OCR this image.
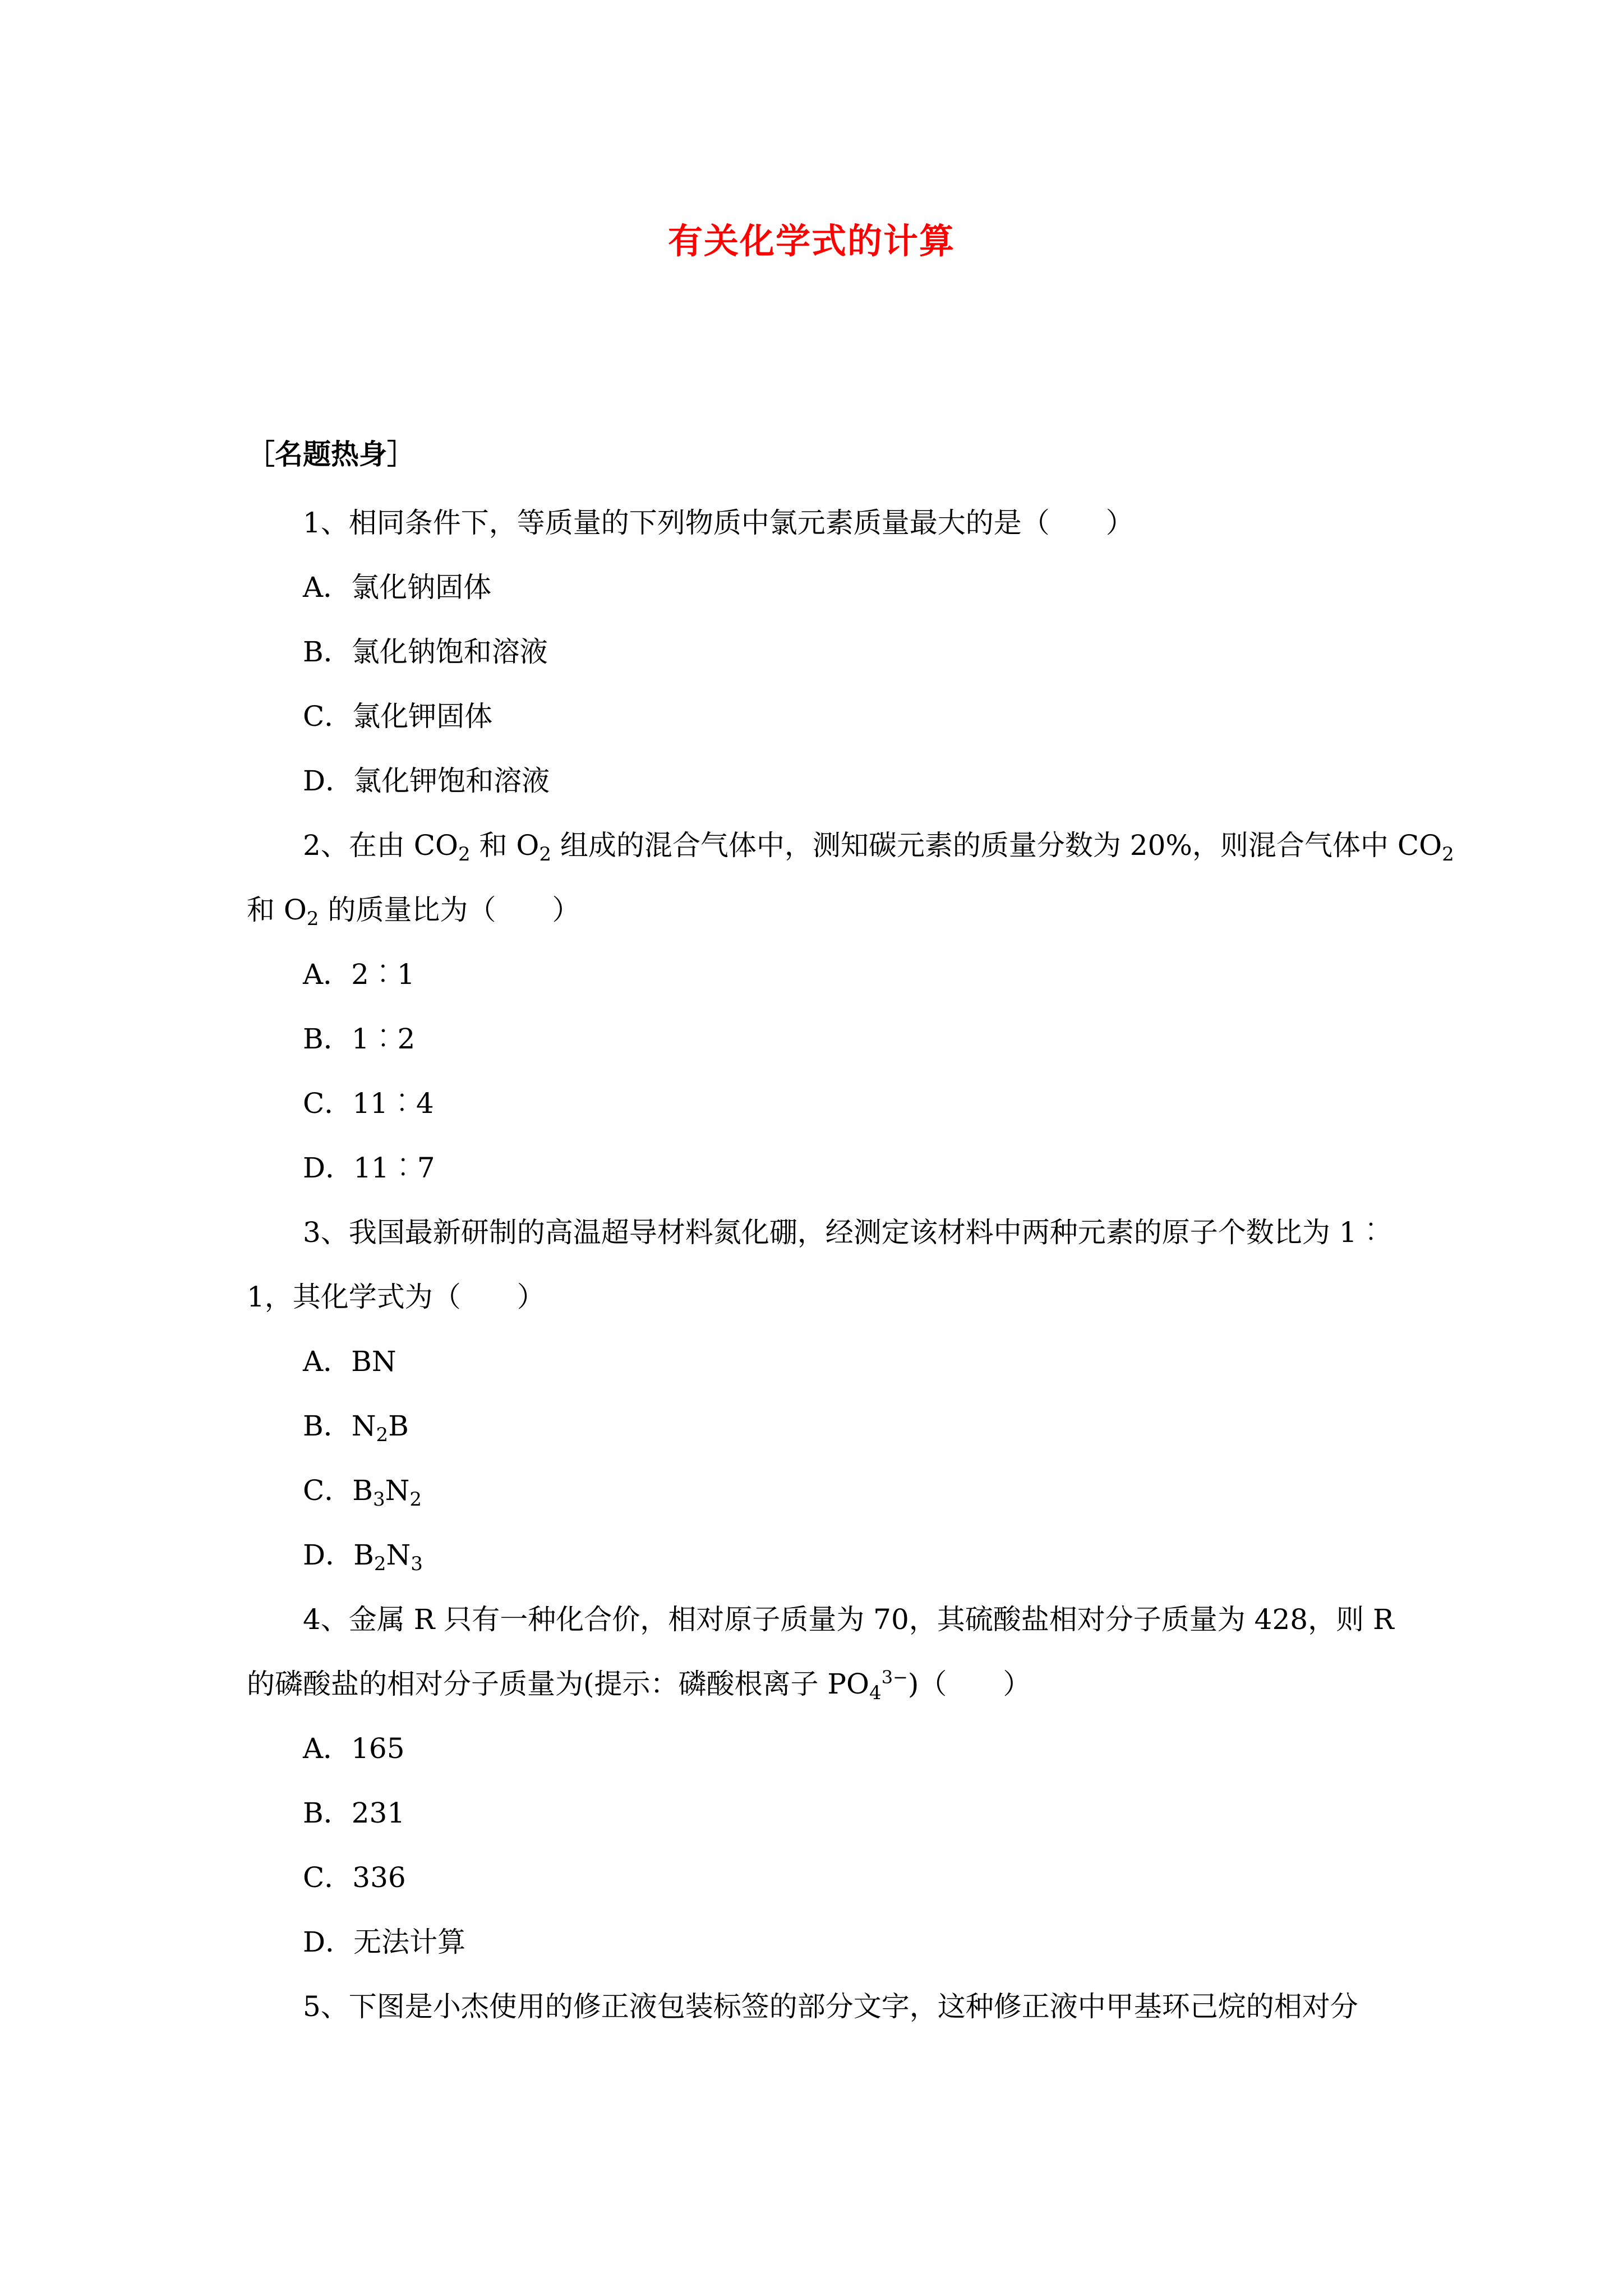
有关化学式的计算
［名题热身］
1、相同条件下，等质量的下列物质中氯元素质量最大的是（　　）
A．氯化钠固体
B．氯化钠饱和溶液
C．氯化钾固体
D．氯化钾饱和溶液
2、在由 $CO_2$ 和 $O_2$ 组成的混合气体中，测知碳元素的质量分数为 20%，则混合气体中 $CO_2$
和 $O_2$ 的质量比为（　　）
A．2︰1
B．1︰2
C．11︰4
D．11︰7
3、我国最新研制的高温超导材料氮化硼，经测定该材料中两种元素的原子个数比为 1︰
1，其化学式为（　　）
A．BN
B．$N_2B$
C．$B_3N_2$
D．$B_2N_3$
4、金属 R 只有一种化合价，相对原子质量为 70，其硫酸盐相对分子质量为 428，则 R
的磷酸盐的相对分子质量为(提示：磷酸根离子 $PO_4^{3-}$)（　　）
A．165
B．231
C．336
D．无法计算
5、下图是小杰使用的修正液包装标签的部分文字，这种修正液中甲基环己烷的相对分
